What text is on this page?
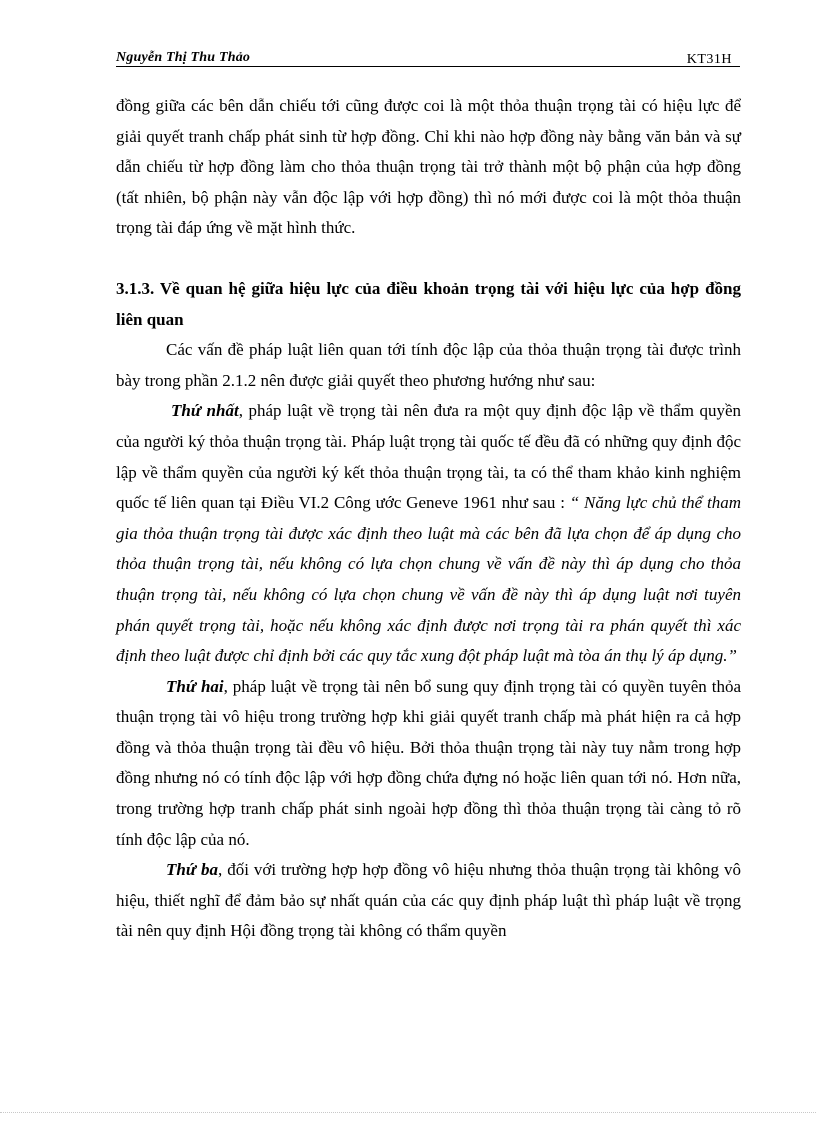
Nguyễn Thị Thu Thảo	KT31H

đồng giữa các bên dẫn chiếu tới cũng được coi là một thỏa thuận trọng tài có hiệu lực để giải quyết tranh chấp phát sinh từ hợp đồng. Chỉ khi nào hợp đồng này bằng văn bản và sự dẫn chiếu từ hợp đồng làm cho thỏa thuận trọng tài trở thành một bộ phận của hợp đồng (tất nhiên, bộ phận này vẫn độc lập với hợp đồng) thì nó mới được coi là một thỏa thuận trọng tài đáp ứng về mặt hình thức.

3.1.3. Về quan hệ giữa hiệu lực của điều khoản trọng tài với hiệu lực của hợp đồng liên quan

Các vấn đề pháp luật liên quan tới tính độc lập của thỏa thuận trọng tài được trình bày trong phần 2.1.2 nên được giải quyết theo phương hướng như sau:

Thứ nhất, pháp luật về trọng tài nên đưa ra một quy định độc lập về thẩm quyền của người ký thỏa thuận trọng tài. Pháp luật trọng tài quốc tế đều đã có những quy định độc lập về thẩm quyền của người ký kết thỏa thuận trọng tài, ta có thể tham khảo kinh nghiệm quốc tế liên quan tại Điều VI.2 Công ước Geneve 1961 như sau : “ Năng lực chủ thể tham gia thỏa thuận trọng tài được xác định theo luật mà các bên đã lựa chọn để áp dụng cho thỏa thuận trọng tài, nếu không có lựa chọn chung về vấn đề này thì áp dụng cho thỏa thuận trọng tài, nếu không có lựa chọn chung về vấn đề này thì áp dụng luật nơi tuyên phán quyết trọng tài, hoặc nếu không xác định được nơi trọng tài ra phán quyết thì xác định theo luật được chỉ định bởi các quy tắc xung đột pháp luật mà tòa án thụ lý áp dụng.”

Thứ hai, pháp luật về trọng tài nên bổ sung quy định trọng tài có quyền tuyên thỏa thuận trọng tài vô hiệu trong trường hợp khi giải quyết tranh chấp mà phát hiện ra cả hợp đồng và thỏa thuận trọng tài đều vô hiệu. Bởi thỏa thuận trọng tài này tuy nằm trong hợp đồng nhưng nó có tính độc lập với hợp đồng chứa đựng nó hoặc liên quan tới nó. Hơn nữa, trong trường hợp tranh chấp phát sinh ngoài hợp đồng thì thỏa thuận trọng tài càng tỏ rõ tính độc lập của nó.

Thứ ba, đối với trường hợp hợp đồng vô hiệu nhưng thỏa thuận trọng tài không vô hiệu, thiết nghĩ để đảm bảo sự nhất quán của các quy định pháp luật thì pháp luật về trọng tài nên quy định Hội đồng trọng tài không có thẩm quyền
